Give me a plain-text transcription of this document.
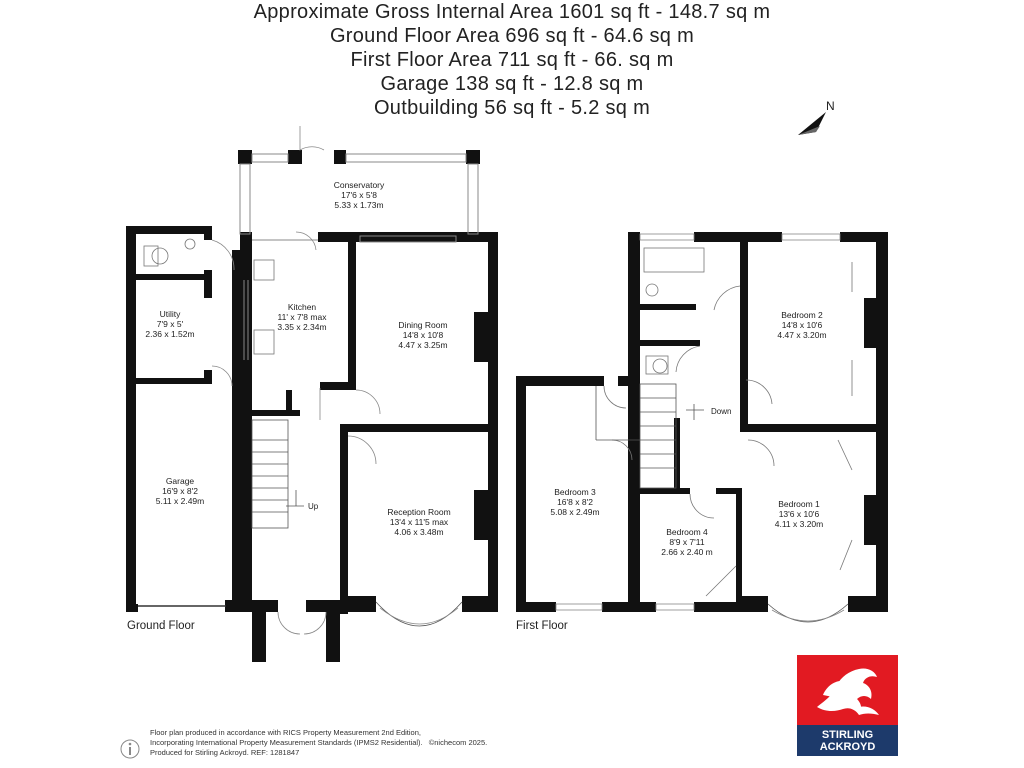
Approximate Gross Internal Area 1601 sq ft - 148.7 sq m
Ground Floor Area 696 sq ft - 64.6 sq m
First Floor Area 711 sq ft - 66. sq m
Garage 138 sq ft - 12.8 sq m
Outbuilding 56 sq ft - 5.2 sq m	N
Conservatory
17'6 x 5'8
5.33 x 1.73m
Kitchen
11' x 7'8 max
3.35 x 2.34m	Dining Room
14'8 x 10'8
4.47 x 3.25m
Utility
7'9 x 5'
2.36 x 1.52m
Garage
16'9 x 8'2
5.11 x 2.49m
Reception Room
13'4 x 11'5 max
4.06 x 3.48m
Up
Ground Floor
Bedroom 2
14'8 x 10'6
4.47 x 3.20m
Bedroom 3
16'8 x 8'2
5.08 x 2.49m
Bedroom 4
8'9 x 7'11
2.66 x 2.40 m
Bedroom 1
13'6 x 10'6
4.11 x 3.20m
Down
First Floor
Floor plan produced in accordance with RICS Property Measurement 2nd Edition,
Incorporating International Property Measurement Standards (IPMS2 Residential). ©nichecom 2025.
Produced for Stirling Ackroyd. REF: 1281847
STIRLING
ACKROYD
